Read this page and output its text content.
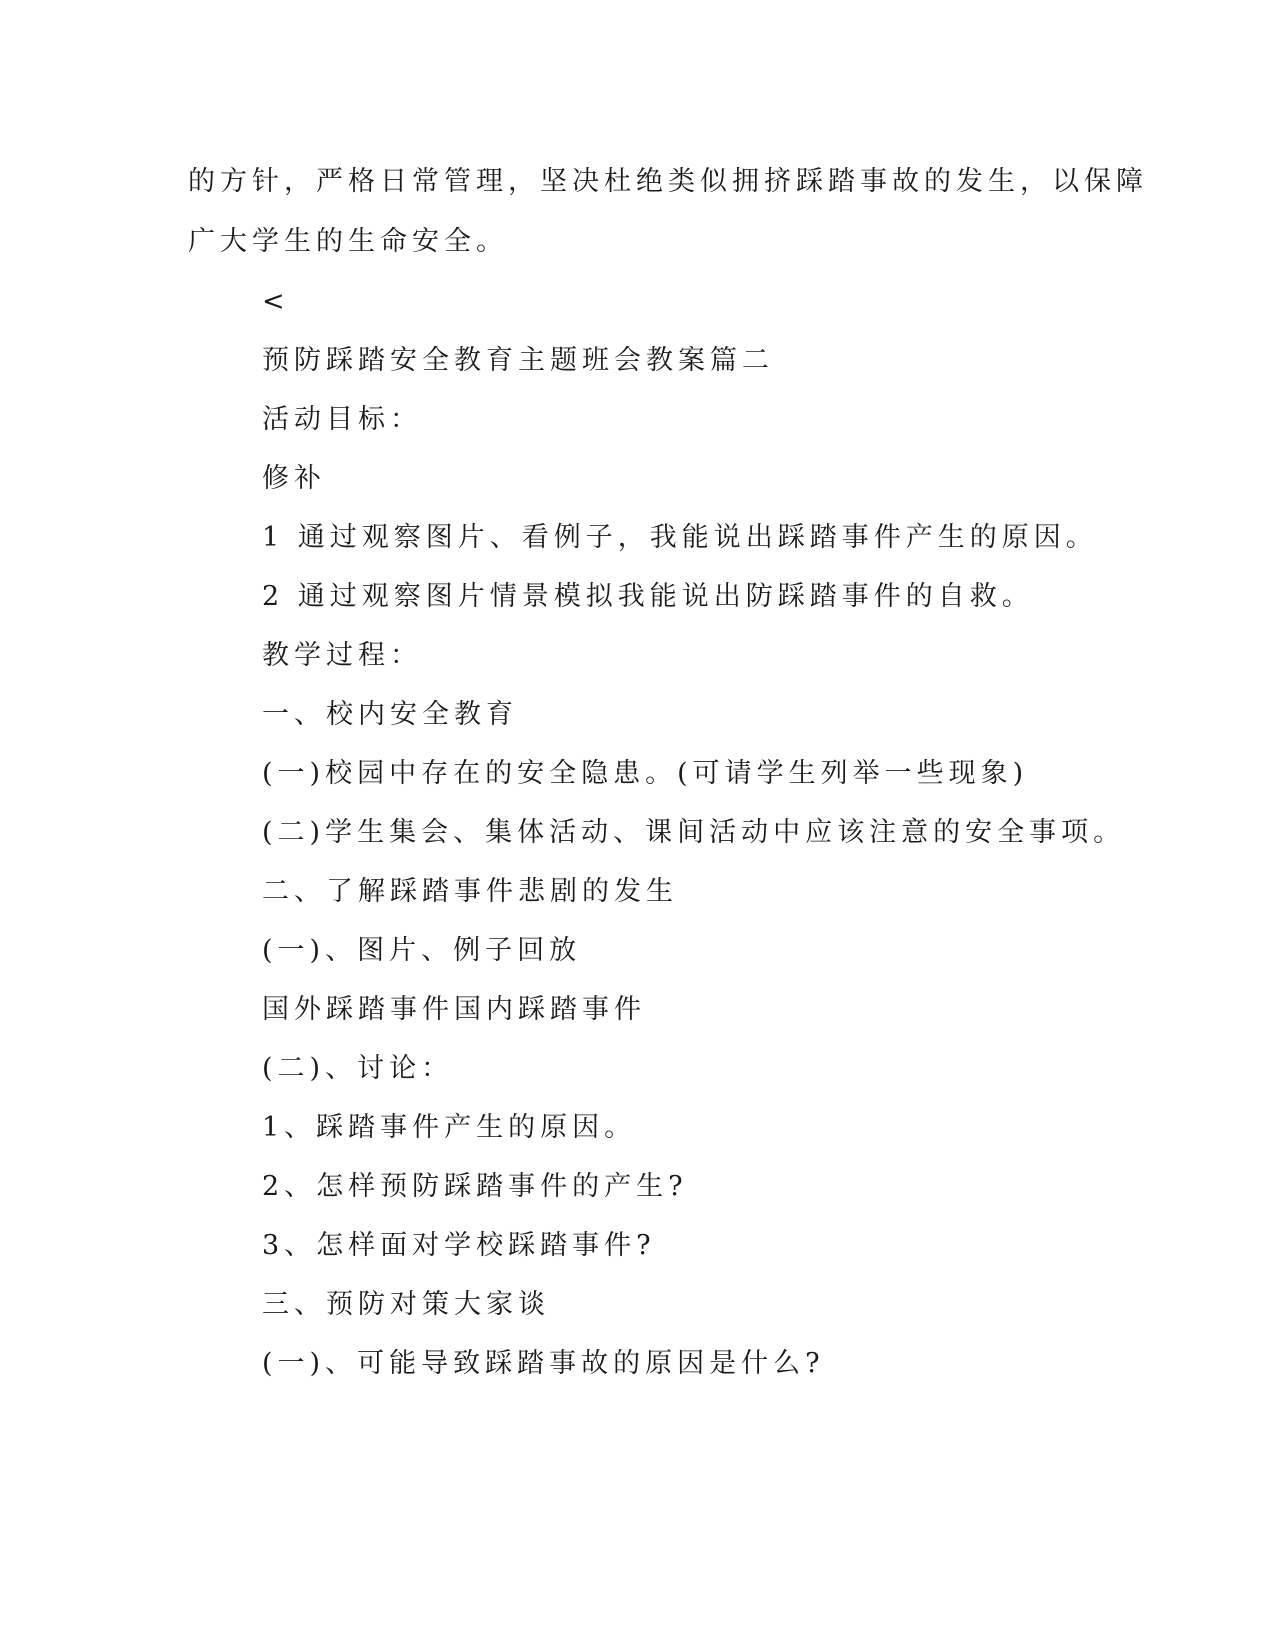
的方针，严格日常管理，坚决杜绝类似拥挤踩踏事故的发生，以保障
广大学生的生命安全。
<
预防踩踏安全教育主题班会教案篇二
活动目标：
修补
1 通过观察图片、看例子，我能说出踩踏事件产生的原因。
2 通过观察图片情景模拟我能说出防踩踏事件的自救。
教学过程：
一、校内安全教育
(一)校园中存在的安全隐患。(可请学生列举一些现象)
(二)学生集会、集体活动、课间活动中应该注意的安全事项。
二、了解踩踏事件悲剧的发生
(一)、图片、例子回放
国外踩踏事件国内踩踏事件
(二)、讨论：
1、踩踏事件产生的原因。
2、怎样预防踩踏事件的产生?
3、怎样面对学校踩踏事件?
三、预防对策大家谈
(一)、可能导致踩踏事故的原因是什么?
